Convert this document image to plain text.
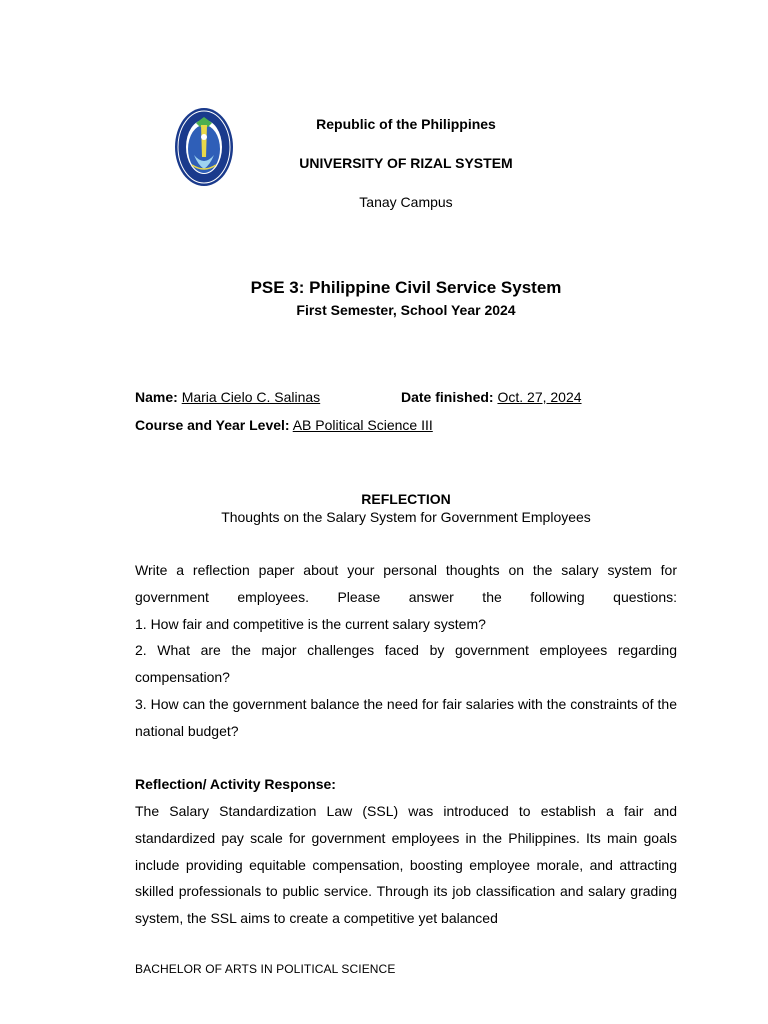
Republic of the Philippines
UNIVERSITY OF RIZAL SYSTEM
Tanay Campus
PSE 3: Philippine Civil Service System
First Semester, School Year 2024
Name: Maria Cielo C. Salinas	Date finished: Oct. 27, 2024
Course and Year Level: AB Political Science III
REFLECTION
Thoughts on the Salary System for Government Employees
Write a reflection paper about your personal thoughts on the salary system for government employees. Please answer the following questions:
1. How fair and competitive is the current salary system?
2. What are the major challenges faced by government employees regarding compensation?
3. How can the government balance the need for fair salaries with the constraints of the national budget?
Reflection/ Activity Response:
The Salary Standardization Law (SSL) was introduced to establish a fair and standardized pay scale for government employees in the Philippines. Its main goals include providing equitable compensation, boosting employee morale, and attracting skilled professionals to public service. Through its job classification and salary grading system, the SSL aims to create a competitive yet balanced
BACHELOR OF ARTS IN POLITICAL SCIENCE
